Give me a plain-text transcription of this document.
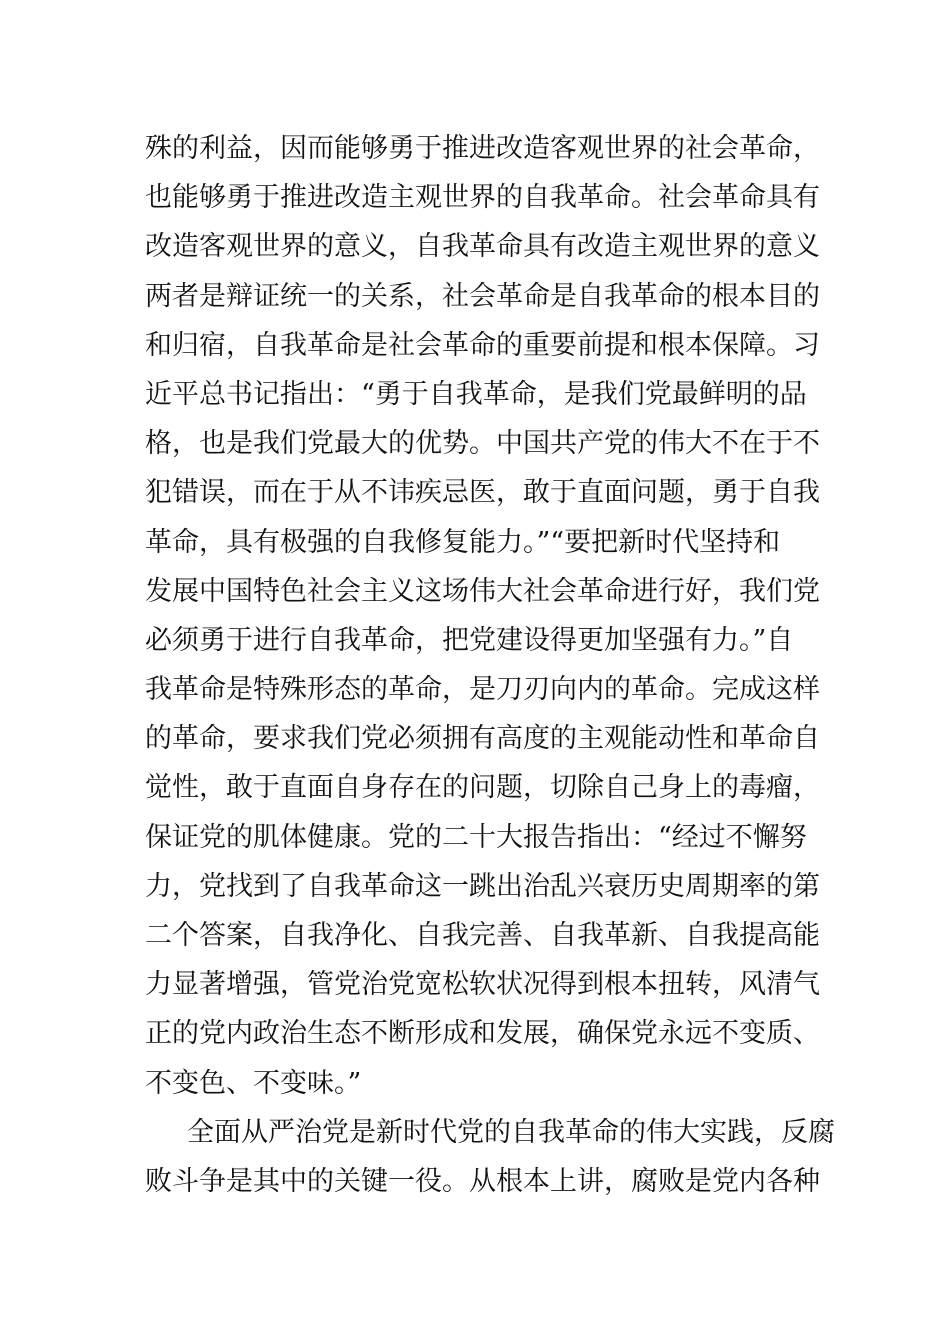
殊的利益，因而能够勇于推进改造客观世界的社会革命，
也能够勇于推进改造主观世界的自我革命。社会革命具有
改造客观世界的意义，自我革命具有改造主观世界的意义
两者是辩证统一的关系，社会革命是自我革命的根本目的
和归宿，自我革命是社会革命的重要前提和根本保障。习
近平总书记指出：“勇于自我革命，是我们党最鲜明的品
格，也是我们党最大的优势。中国共产党的伟大不在于不
犯错误，而在于从不讳疾忌医，敢于直面问题，勇于自我
革命，具有极强的自我修复能力。”“要把新时代坚持和
发展中国特色社会主义这场伟大社会革命进行好，我们党
必须勇于进行自我革命，把党建设得更加坚强有力。”自
我革命是特殊形态的革命，是刀刃向内的革命。完成这样
的革命，要求我们党必须拥有高度的主观能动性和革命自
觉性，敢于直面自身存在的问题，切除自己身上的毒瘤，
保证党的肌体健康。党的二十大报告指出：“经过不懈努
力，党找到了自我革命这一跳出治乱兴衰历史周期率的第
二个答案，自我净化、自我完善、自我革新、自我提高能
力显著增强，管党治党宽松软状况得到根本扭转，风清气
正的党内政治生态不断形成和发展，确保党永远不变质、
不变色、不变味。”
全面从严治党是新时代党的自我革命的伟大实践，反腐
败斗争是其中的关键一役。从根本上讲，腐败是党内各种
